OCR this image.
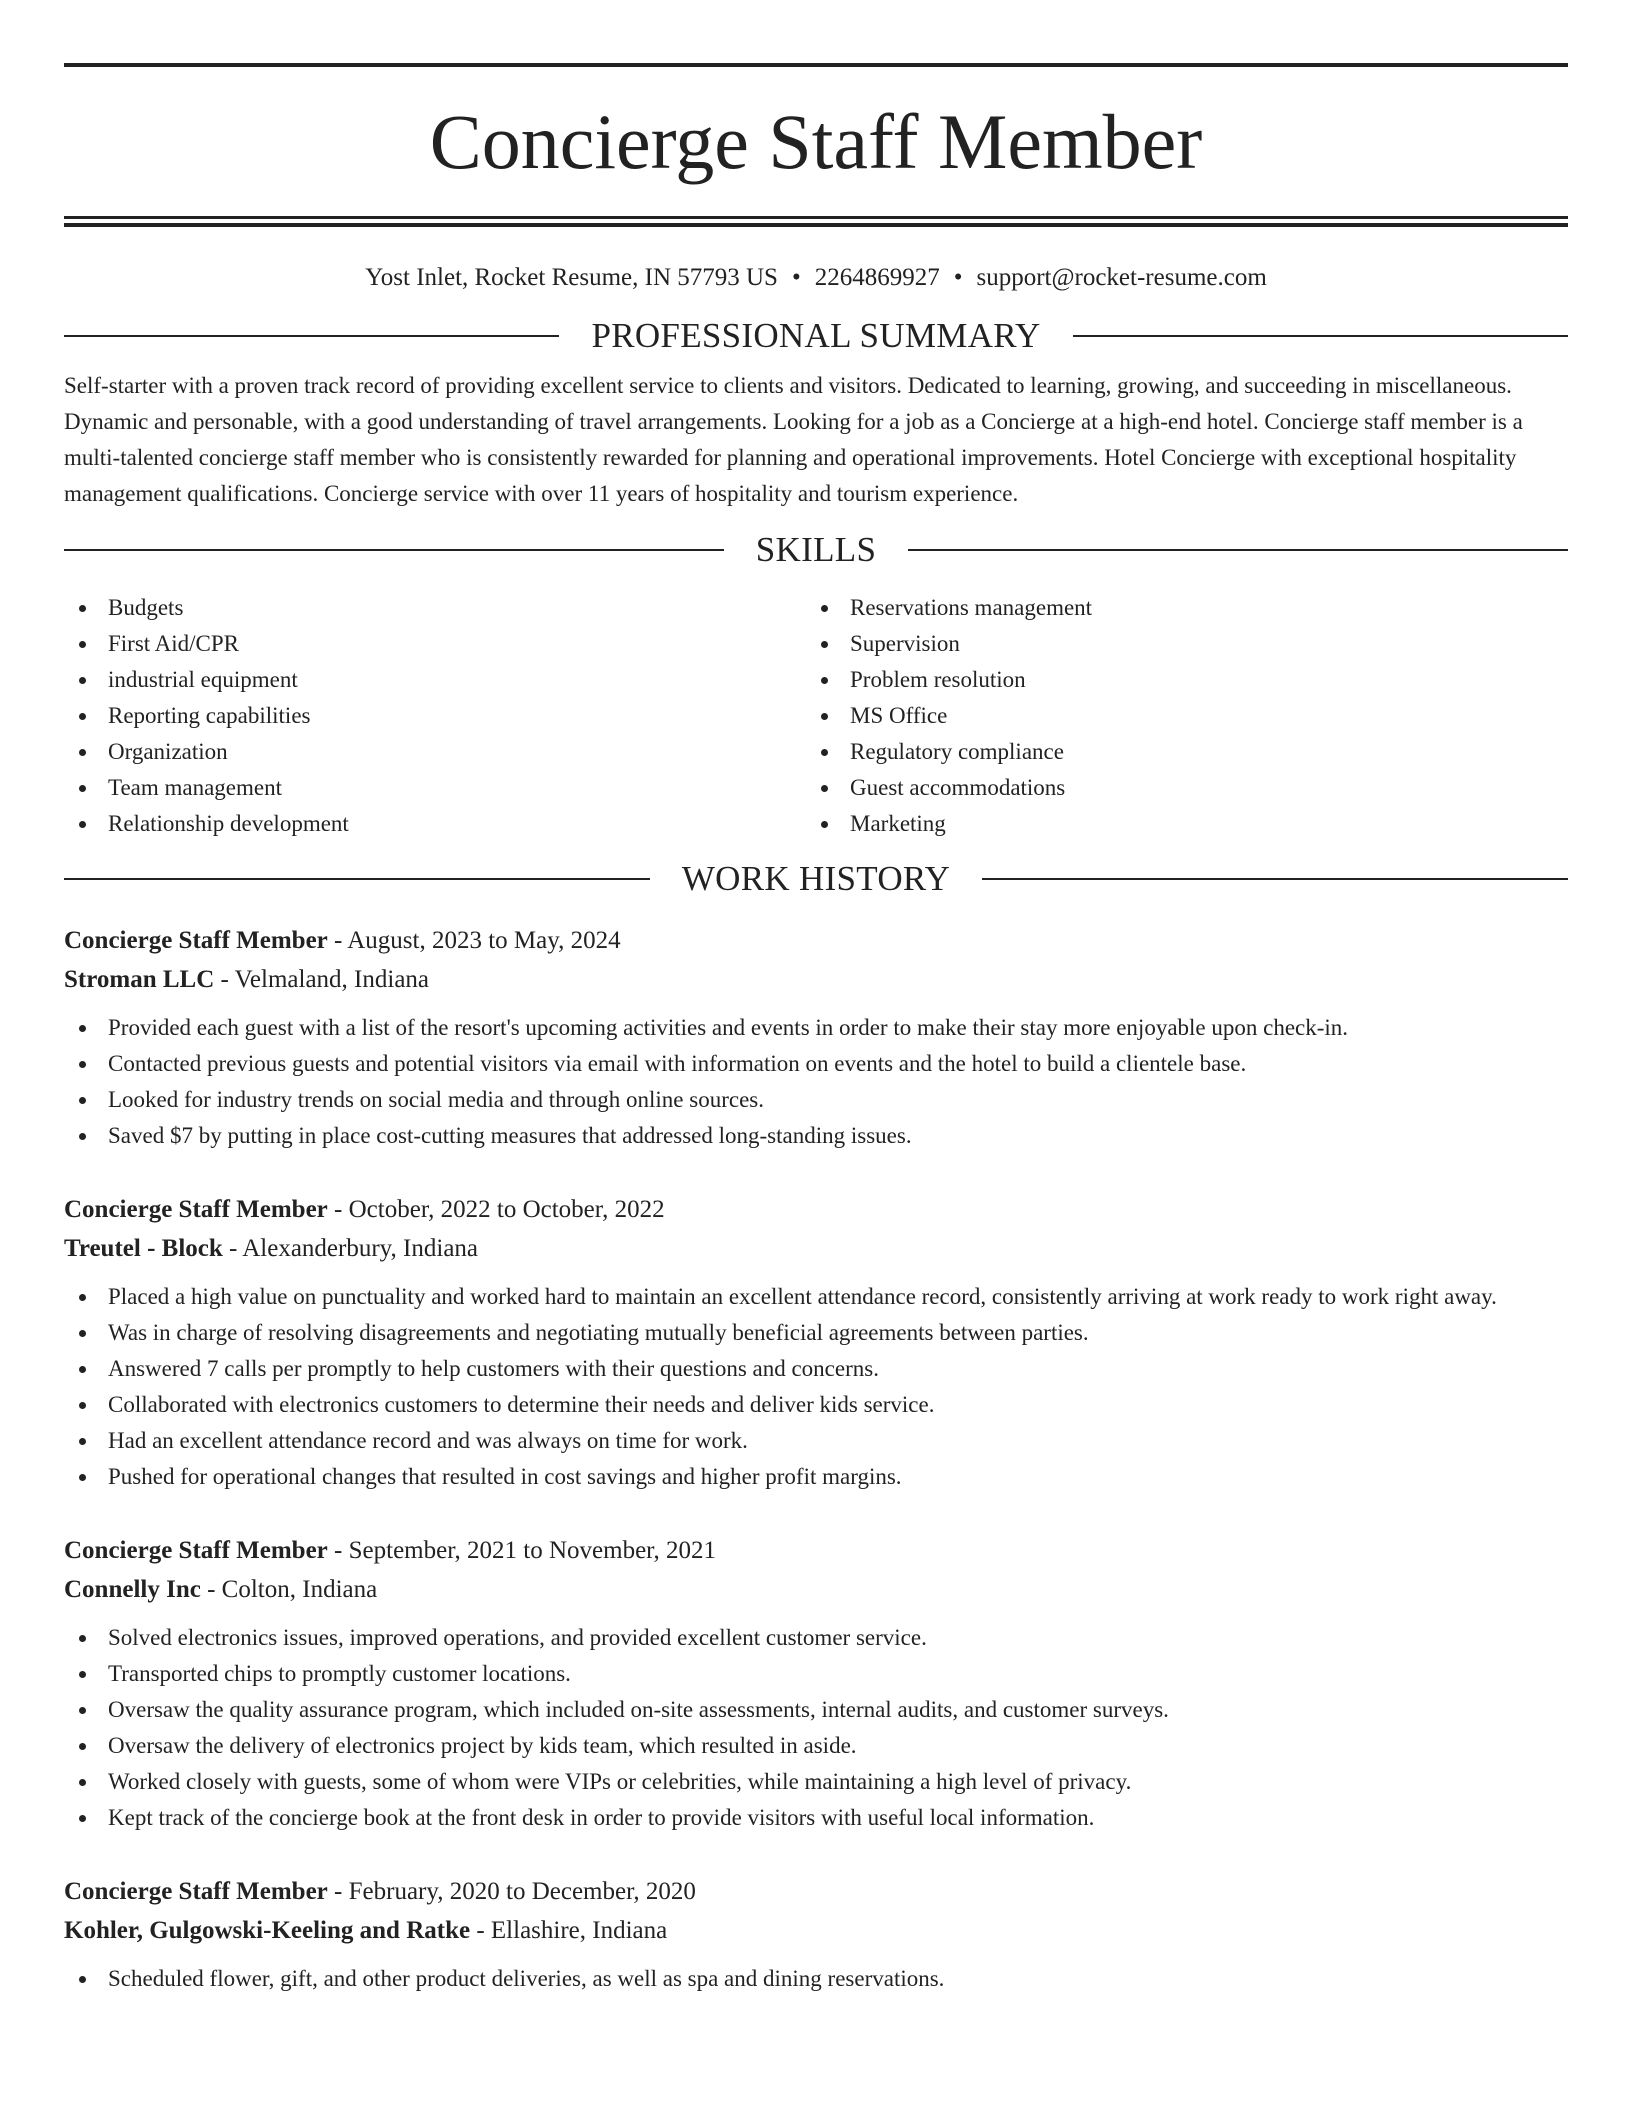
Concierge Staff Member
Yost Inlet, Rocket Resume, IN 57793 US • 2264869927 • support@rocket-resume.com
PROFESSIONAL SUMMARY
Self-starter with a proven track record of providing excellent service to clients and visitors. Dedicated to learning, growing, and succeeding in miscellaneous. Dynamic and personable, with a good understanding of travel arrangements. Looking for a job as a Concierge at a high-end hotel. Concierge staff member is a multi-talented concierge staff member who is consistently rewarded for planning and operational improvements. Hotel Concierge with exceptional hospitality management qualifications. Concierge service with over 11 years of hospitality and tourism experience.
SKILLS
Budgets
First Aid/CPR
industrial equipment
Reporting capabilities
Organization
Team management
Relationship development
Reservations management
Supervision
Problem resolution
MS Office
Regulatory compliance
Guest accommodations
Marketing
WORK HISTORY
Concierge Staff Member - August, 2023 to May, 2024
Stroman LLC - Velmaland, Indiana
Provided each guest with a list of the resort's upcoming activities and events in order to make their stay more enjoyable upon check-in.
Contacted previous guests and potential visitors via email with information on events and the hotel to build a clientele base.
Looked for industry trends on social media and through online sources.
Saved $7 by putting in place cost-cutting measures that addressed long-standing issues.
Concierge Staff Member - October, 2022 to October, 2022
Treutel - Block - Alexanderbury, Indiana
Placed a high value on punctuality and worked hard to maintain an excellent attendance record, consistently arriving at work ready to work right away.
Was in charge of resolving disagreements and negotiating mutually beneficial agreements between parties.
Answered 7 calls per promptly to help customers with their questions and concerns.
Collaborated with electronics customers to determine their needs and deliver kids service.
Had an excellent attendance record and was always on time for work.
Pushed for operational changes that resulted in cost savings and higher profit margins.
Concierge Staff Member - September, 2021 to November, 2021
Connelly Inc - Colton, Indiana
Solved electronics issues, improved operations, and provided excellent customer service.
Transported chips to promptly customer locations.
Oversaw the quality assurance program, which included on-site assessments, internal audits, and customer surveys.
Oversaw the delivery of electronics project by kids team, which resulted in aside.
Worked closely with guests, some of whom were VIPs or celebrities, while maintaining a high level of privacy.
Kept track of the concierge book at the front desk in order to provide visitors with useful local information.
Concierge Staff Member - February, 2020 to December, 2020
Kohler, Gulgowski-Keeling and Ratke - Ellashire, Indiana
Scheduled flower, gift, and other product deliveries, as well as spa and dining reservations.
